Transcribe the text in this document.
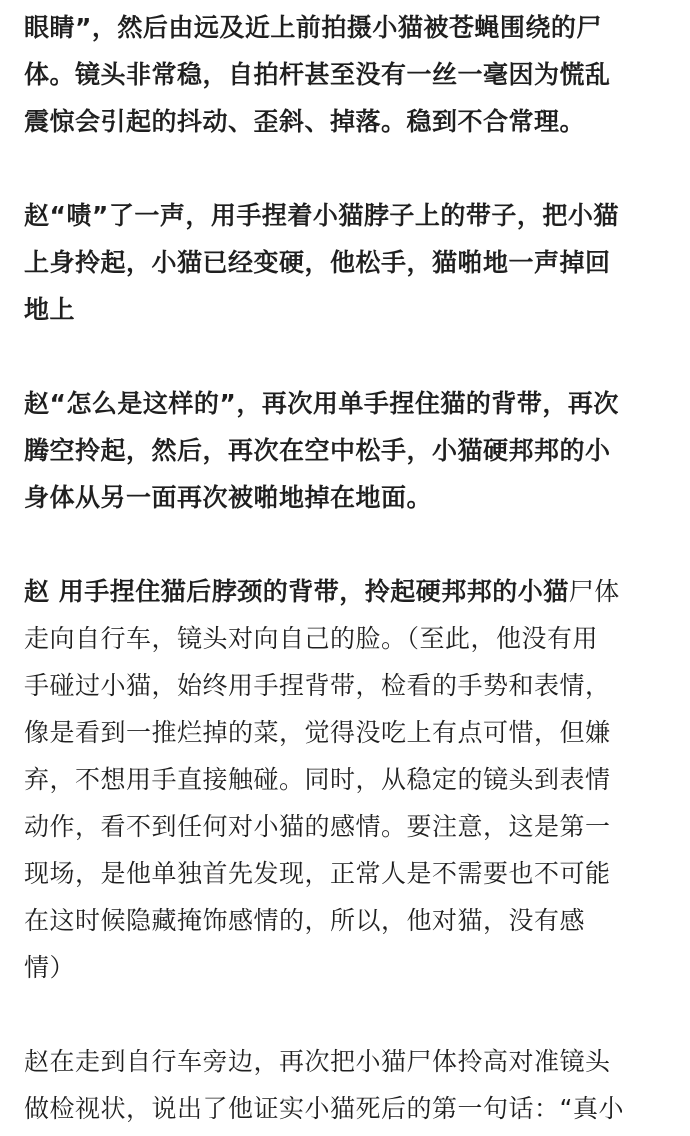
眼睛”，然后由远及近上前拍摄小猫被苍蝇围绕的尸
体。镜头非常稳，自拍杆甚至没有一丝一毫因为慌乱
震惊会引起的抖动、歪斜、掉落。稳到不合常理。

赵“啧”了一声，用手捏着小猫脖子上的带子，把小猫
上身拎起，小猫已经变硬，他松手，猫啪地一声掉回
地上

赵“怎么是这样的”，再次用单手捏住猫的背带，再次
腾空拎起，然后，再次在空中松手，小猫硬邦邦的小
身体从另一面再次被啪地掉在地面。

赵 用手捏住猫后脖颈的背带，拎起硬邦邦的小猫尸体
走向自行车，镜头对向自己的脸。（至此，他没有用
手碰过小猫，始终用手捏背带，检看的手势和表情，
像是看到一推烂掉的菜，觉得没吃上有点可惜，但嫌
弃，不想用手直接触碰。同时，从稳定的镜头到表情
动作，看不到任何对小猫的感情。要注意，这是第一
现场，是他单独首先发现，正常人是不需要也不可能
在这时候隐藏掩饰感情的，所以，他对猫，没有感
情）

赵在走到自行车旁边，再次把小猫尸体拎高对准镜头
做检视状，说出了他证实小猫死后的第一句话：“真小
